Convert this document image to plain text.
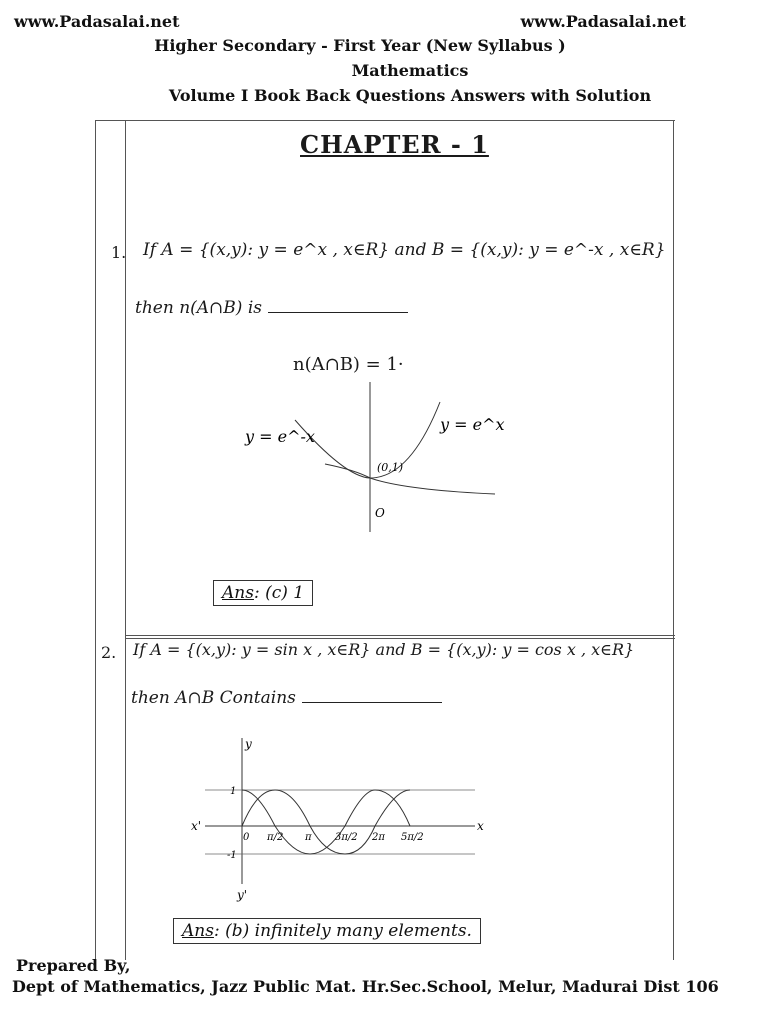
www.Padasalai.net	www.Padasalai.net
Higher Secondary - First Year (New Syllabus )
Mathematics
Volume I Book Back Questions Answers with Solution
CHAPTER - 1
1. If A = {(x,y): y = e^x , x∈R} and B = {(x,y): y = e^-x , x∈R}
then n(A∩B) is
n(A∩B) = 1·
y = e^-x
y = e^x
(0,1)
O
Ans: (c) 1
2. If A = {(x,y): y = sin x , x∈R} and B = {(x,y): y = cos x , x∈R}
then A∩B Contains
y
y'
x'	x
1
-1
0 π/2 π 3π/2 2π 5π/2
Ans: (b) infinitely many elements.
Prepared By,
Dept of Mathematics, Jazz Public Mat. Hr.Sec.School, Melur, Madurai Dist 106
